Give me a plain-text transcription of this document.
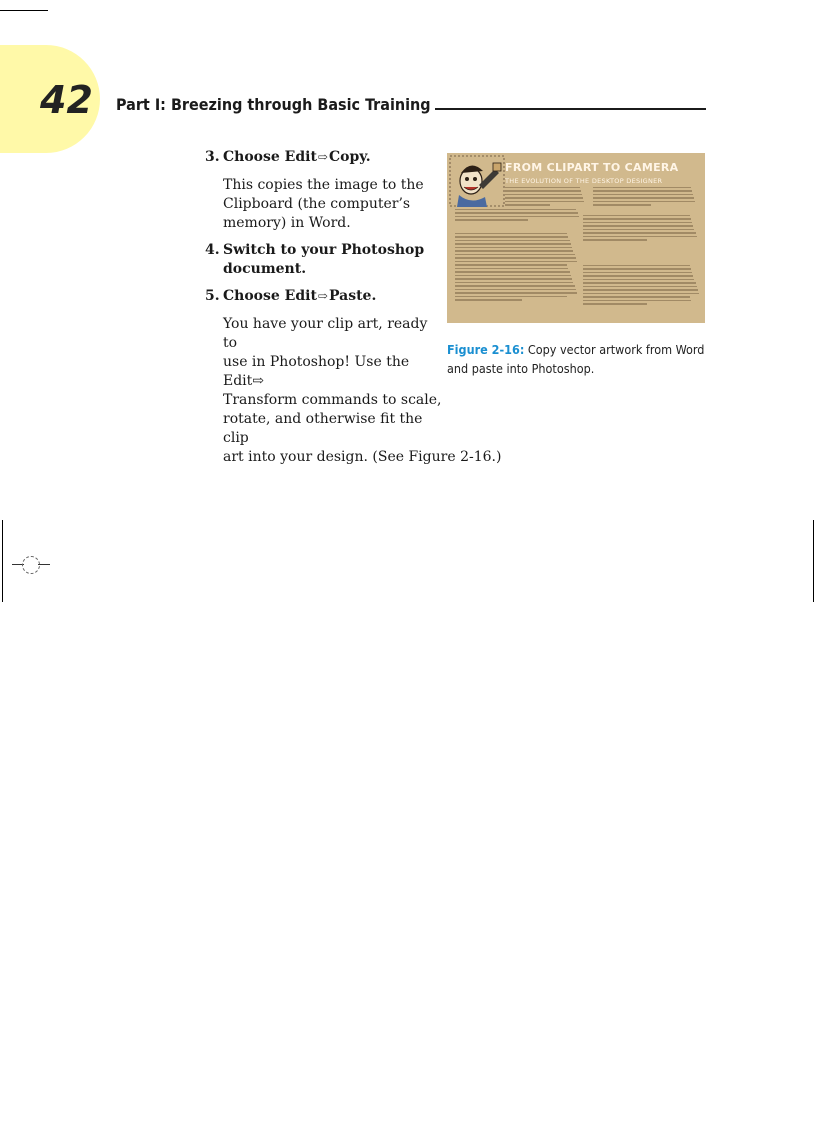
42	Part I: Breezing through Basic Training
3. Choose Edit⇨Copy.
This copies the image to the
Clipboard (the computer’s
memory) in Word.
4. Switch to your Photoshop
document.
5. Choose Edit⇨Paste.
You have your clip art, ready to
use in Photoshop! Use the Edit⇨
Transform commands to scale,
rotate, and otherwise fit the clip
art into your design. (See Figure 2-16.)
FROM CLIPART TO CAMERA
THE EVOLUTION OF THE DESKTOP DESIGNER
Figure 2-16: Copy vector artwork from Word and paste into Photoshop.
